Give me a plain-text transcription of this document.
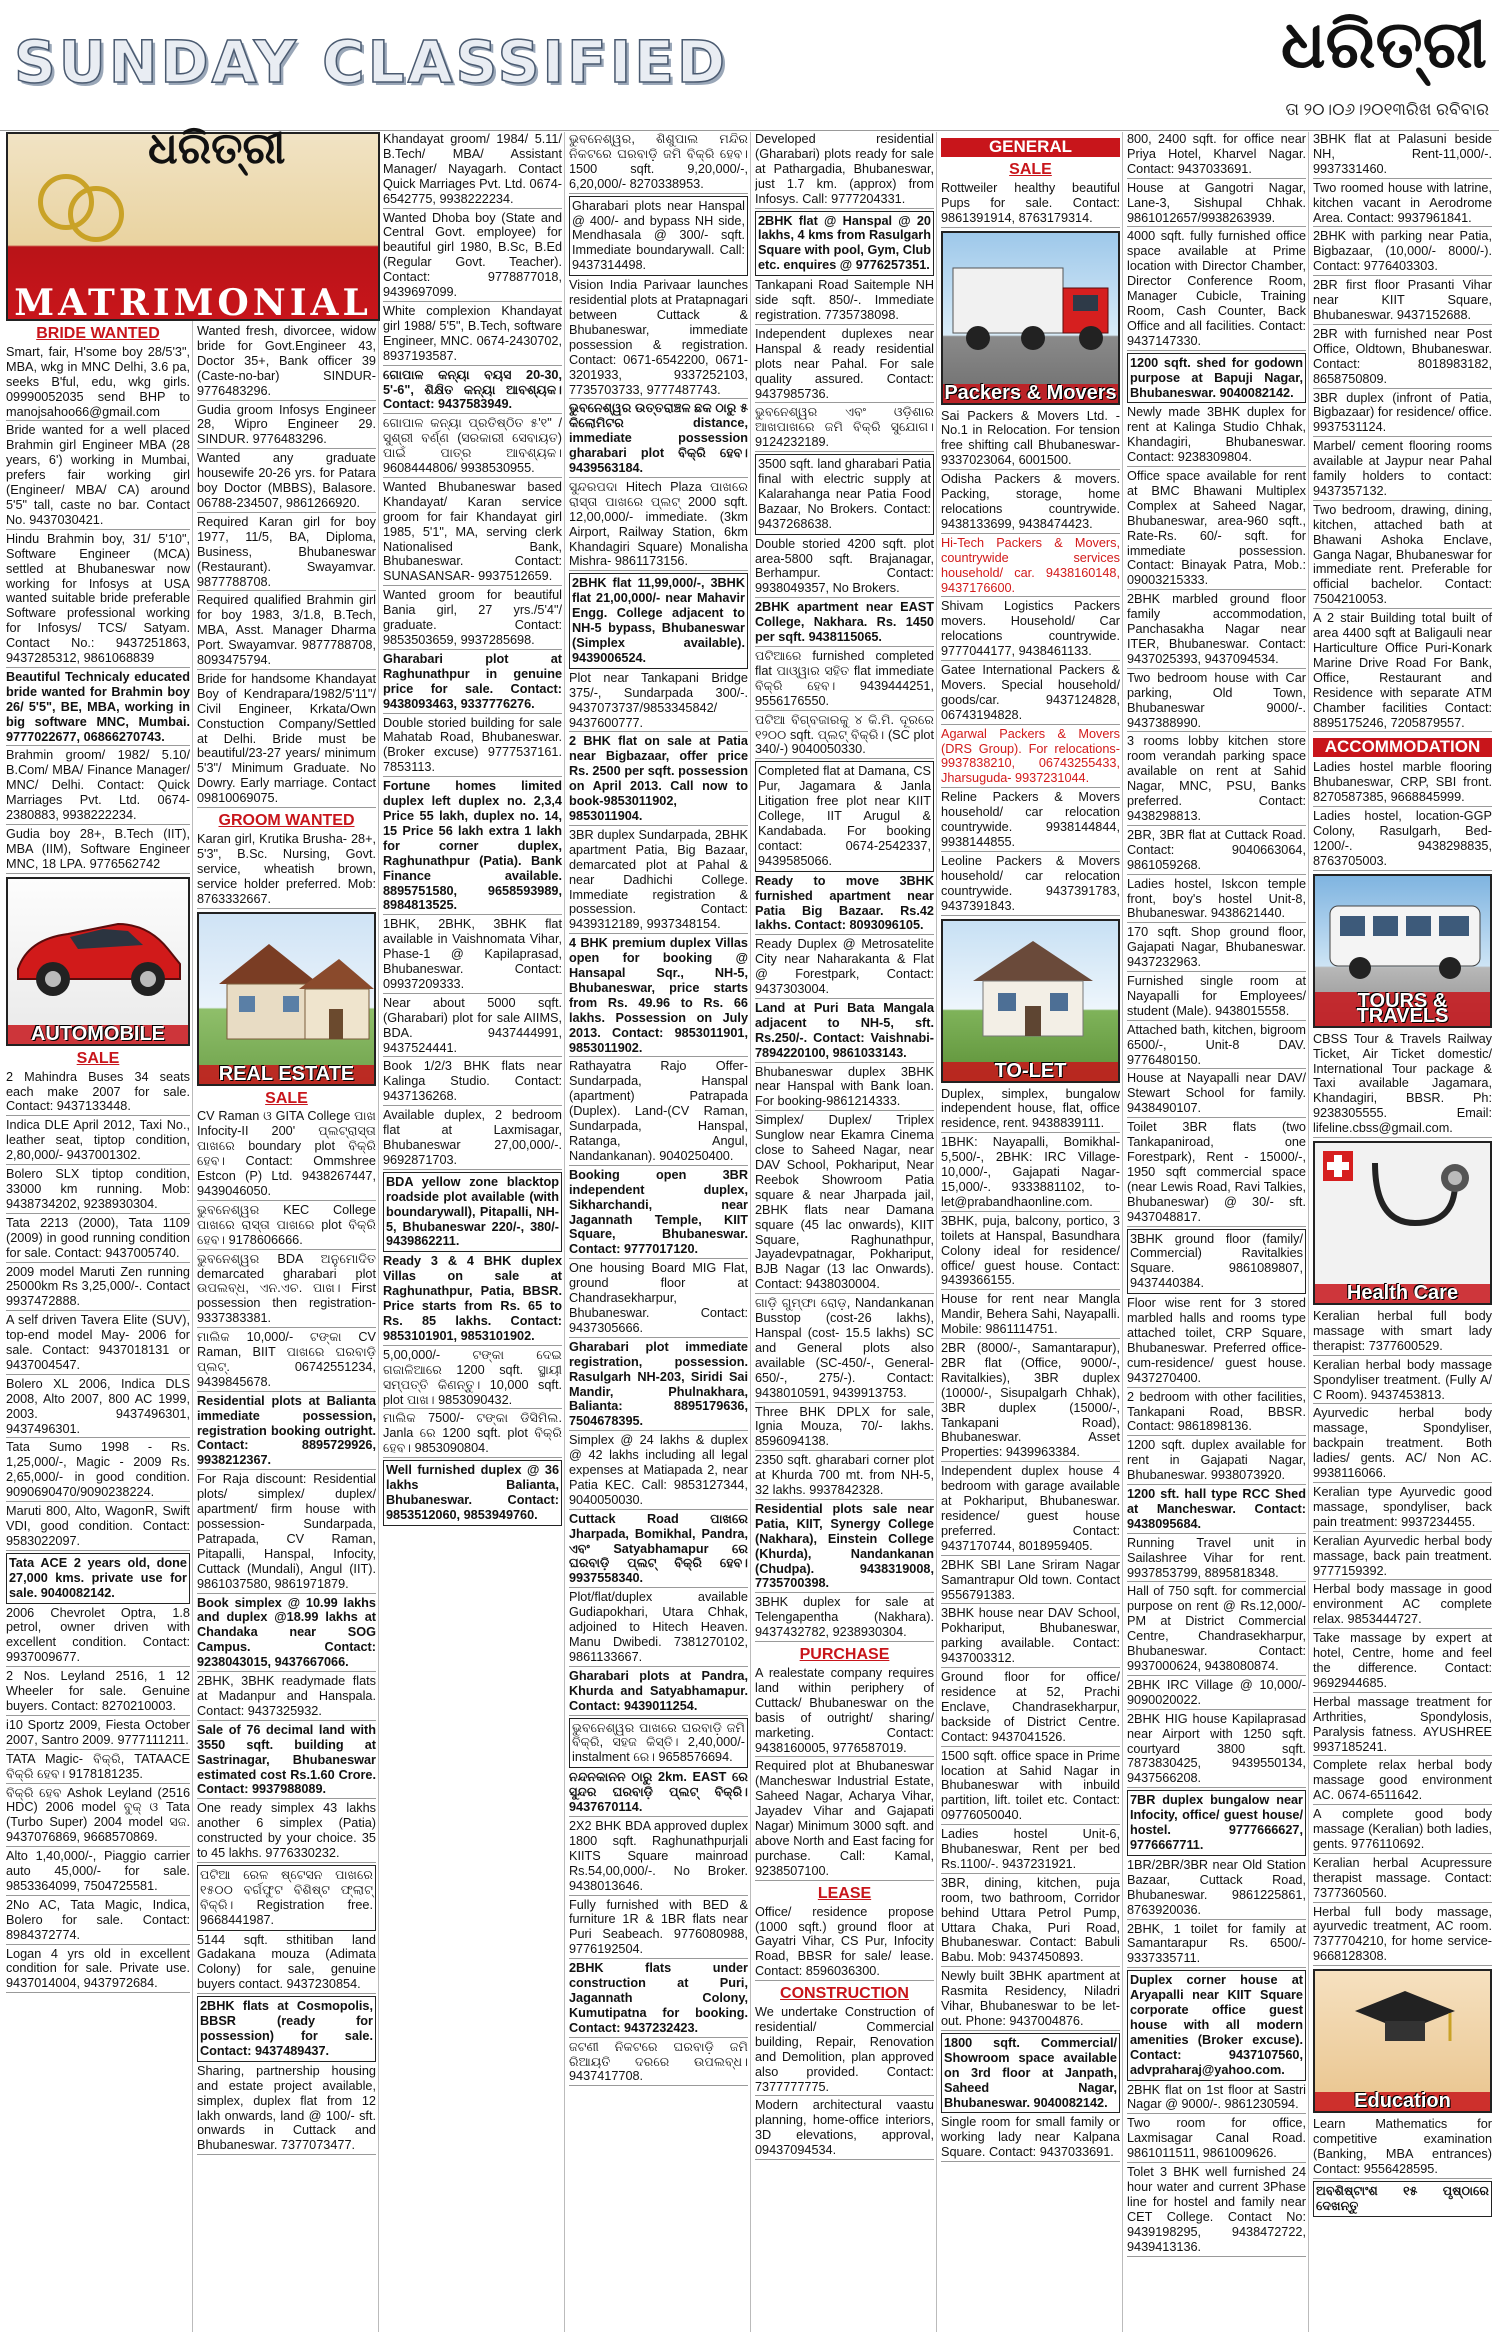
SUNDAY CLASSIFIED	ଧରିତ୍ରୀ
ତା ୨୦।୦୬।୨୦୧୩ରିଖ ରବିବାର
ଧରିତ୍ରୀ
MATRIMONIAL
BRIDE WANTED
Smart, fair, H'some boy 28/5'3", MBA, wkg in MNC Delhi, 3.6 pa, seeks B'ful, edu, wkg girls. 09990052035 send BHP to manojsahoo66@gmail.com
Bride wanted for a well placed Brahmin girl Engineer MBA (28 years, 6') working in Mumbai, prefers fair working girl (Engineer/ MBA/ CA) around 5'5" tall, caste no bar. Contact No. 9437030421.
Hindu Brahmin boy, 31/ 5'10", Software Engineer (MCA) settled at Bhubaneswar now working for Infosys at USA wanted suitable bride preferable Software professional working for Infosys/ TCS/ Satyam. Contact No.: 9437251863, 9437285312, 9861068839
Beautiful Technicaly educated bride wanted for Brahmin boy 26/ 5'5", BE, MBA, working in big software MNC, Mumbai. 9777022677, 06866270743.
Brahmin groom/ 1982/ 5.10/ B.Com/ MBA/ Finance Manager/ MNC/ Delhi. Contact: Quick Marriages Pvt. Ltd. 0674-2380883, 9938222234.
Gudia boy 28+, B.Tech (IIT), MBA (IIM), Software Engineer MNC, 18 LPA. 9776562742
AUTOMOBILE
SALE
2 Mahindra Buses 34 seats each make 2007 for sale. Contact: 9437133448.
Indica DLE April 2012, Taxi No., leather seat, tiptop condition, 2,80,000/- 9437001302.
Bolero SLX tiptop condition, 33000 km running. Mob: 9438734202, 9238930304.
Tata 2213 (2000), Tata 1109 (2009) in good running condition for sale. Contact: 9437005740.
2009 model Maruti Zen running 25000km Rs 3,25,000/-. Contact 9937472888.
A self driven Tavera Elite (SUV), top-end model May- 2006 for sale. Contact: 9437018131 or 9437004547.
Bolero XL 2006, Indica DLS 2008, Alto 2007, 800 AC 1999, 2003. 9437496301, 9437496301.
Tata Sumo 1998 - Rs. 1,25,000/-, Magic - 2009 Rs. 2,65,000/- in good condition. 9090690470/9090238224.
Maruti 800, Alto, WagonR, Swift VDI, good condition. Contact: 9583022097.
Tata ACE 2 years old, done 27,000 kms. private use for sale. 9040082142.
2006 Chevrolet Optra, 1.8 petrol, owner driven with excellent condition. Contact: 9937009677.
2 Nos. Leyland 2516, 1 12 Wheeler for sale. Genuine buyers. Contact: 8270210003.
i10 Sportz 2009, Fiesta October 2007, Santro 2009. 9777111211.
TATA Magic- ବିକ୍ରି, TATAACE ବିକ୍ରି ହେବ। 9178181235.
ବିକ୍ରି ହେବ Ashok Leyland (2516 HDC) 2006 model ବୁକ୍ ଓ Tata (Turbo Super) 2004 model ସଜ. 9437076869, 9668570869.
Alto 1,40,000/-, Piaggio carrier auto 45,000/- for sale. 9853364099, 7504725581.
2No AC, Tata Magic, Indica, Bolero for sale. Contact: 8984372774.
Logan 4 yrs old in excellent condition for sale. Private use. 9437014004, 9437972684.
Wanted fresh, divorcee, widow bride for Govt.Engineer 43, Doctor 35+, Bank officer 39 (Caste-no-bar) SINDUR- 9776483296.
Gudia groom Infosys Engineer 28, Wipro Engineer 29. SINDUR. 9776483296.
Wanted any graduate housewife 20-26 yrs. for Patara boy Doctor (MBBS), Balasore. 06788-234507, 9861266920.
Required Karan girl for boy 1977, 11/5, BA, Diploma, Business, Bhubaneswar (Restaurant). Swayamvar. 9877788708.
Required qualified Brahmin girl for boy 1983, 3/1.8, B.Tech, MBA, Asst. Manager Dharma Port. Swayamvar. 9877788708, 8093475794.
Bride for handsome Khandayat Boy of Kendrapara/1982/5'11"/ Civil Engineer, Krkata/Own Constuction Company/Settled at Delhi. Bride must be beautiful/23-27 years/ minimum 5'3"/ Minimum Graduate. No Dowry. Early marriage. Contact 09810069075.
GROOM WANTED
Karan girl, Krutika Brusha- 28+, 5'3", B.Sc. Nursing, Govt. service, wheatish brown, service holder preferred. Mob: 8763332667.
REAL ESTATE
SALE
CV Raman ଓ GITA College ପାଖ Infocity-II 200' ପ୍ଲଟ୍‌ରାସ୍ତା ପାଖରେ boundary plot ବିକ୍ରି ହେବ। Contact: Ommshree Estcon (P) Ltd. 9438267447, 9439046050.
ଭୁବନେଶ୍ୱର KEC College ପାଖରେ ରାସ୍ତା ପାଖରେ plot ବିକ୍ରି ହେବ। 9178606666.
ଭୁବନେଶ୍ୱର BDA ଅନୁମୋଦିତ demarcated gharabari plot ଉପଲବ୍ଧ, ଏନ.ଏଚ. ପାଖ। First possession then registration-9337383381.
ମାଲିକ 10,000/- ଟଙ୍କା CV Raman, BIIT ପାଖରେ ଘରବାଡ଼ି ପ୍ଲଟ୍. 06742551234, 9439845678.
Residential plots at Balianta immediate possession, registration booking outright. Contact: 8895729926, 9938212367.
For Raja discount: Residential plots/ simplex/ duplex/ apartment/ firm house with possession- Sundarpada, Patrapada, CV Raman, Pitapalli, Hanspal, Infocity, Cuttack (Mundali), Angul (IIT). 9861037580, 9861971879.
Book simplex @ 10.99 lakhs and duplex @18.99 lakhs at Chandaka near SOG Campus. Contact: 9238043015, 9437667066.
2BHK, 3BHK readymade flats at Madanpur and Hanspala. Contact: 9437325932.
Sale of 76 decimal land with 3550 sqft. building at Sastrinagar, Bhubaneswar estimated cost Rs.1.60 Crore. Contact: 9937988089.
One ready simplex 43 lakhs another 6 simplex (Patia) constructed by your choice. 35 to 45 lakhs. 9776330232.
ପଟିଆ ରେଳ ଷ୍ଟେସନ ପାଖରେ ୧୫୦୦ ବର୍ଗଫୁଟ ବିଶିଷ୍ଟ ଫ୍ଲାଟ୍ ବିକ୍ରି। Registration free. 9668441987.
5144 sqft. sthitiban land Gadakana mouza (Adimata Colony) for sale, genuine buyers contact. 9437230854.
2BHK flats at Cosmopolis, BBSR (ready for possession) for sale. Contact: 9437489437.
Sharing, partnership housing and estate project available, simplex, duplex flat from 12 lakh onwards, land @ 100/- sft. onwards in Cuttack and Bhubaneswar. 7377073477.
Khandayat groom/ 1984/ 5.11/ B.Tech/ MBA/ Assistant Manager/ Nayagarh. Contact Quick Marriages Pvt. Ltd. 0674-6542775, 9938222234.
Wanted Dhoba boy (State and Central Govt. employee) for beautiful girl 1980, B.Sc, B.Ed (Regular Govt. Teacher). Contact: 9778877018, 9439697099.
White complexion Khandayat girl 1988/ 5'5", B.Tech, software Engineer, MNC. 0674-2430702, 8937193587.
ଗୋପାଳ କନ୍ୟା ବୟସ 20-30, 5'-6", ଶିକ୍ଷିତ କନ୍ୟା ଆବଶ୍ୟକ। Contact: 9437583949.
ଗୋପାଳ କନ୍ୟା ପ୍ରତିଷ୍ଠିତ ୫'୧" / ସୁଶ୍ରୀ ବର୍ଣ୍ଣ (ସରକାରୀ ସେବାୟତ) ପାଇଁ ପାତ୍ର ଆବଶ୍ୟକ। 9608444806/ 9938530955.
Wanted Bhubaneswar based Khandayat/ Karan service groom for fair Khandayat girl 1985, 5'1", MA, serving clerk Nationalised Bank, Bhubaneswar. Contact: SUNASANSAR- 9937512659.
Wanted groom for beautiful Bania girl, 27 yrs./5'4"/ graduate. Contact: 9853503659, 9937285698.
Gharabari plot at Raghunathpur in genuine price for sale. Contact: 9438093463, 9337776276.
Double storied building for sale Mahatab Road, Bhubaneswar. (Broker excuse) 9777537161. 7853113.
Fortune homes limited duplex left duplex no. 2,3,4 Price 55 lakh, duplex no. 14, 15 Price 56 lakh extra 1 lakh for corner duplex, Raghunathpur (Patia). Bank Finance available. 8895751580, 9658593989, 8984813525.
1BHK, 2BHK, 3BHK flat available in Vaishnomata Vihar, Phase-1 @ Kapilaprasad, Bhubaneswar. Contact: 09937209333.
Near about 5000 sqft. (Gharabari) plot for sale AIIMS, BDA. 9437444991, 9437524441.
Book 1/2/3 BHK flats near Kalinga Studio. Contact: 9437136268.
Available duplex, 2 bedroom flat at Laxmisagar, Bhubaneswar 27,00,000/-. 9692871703.
BDA yellow zone blacktop roadside plot available (with boundarywall), Pitapalli, NH-5, Bhubaneswar 220/-, 380/- 9439862211.
Ready 3 & 4 BHK duplex Villas on sale at Raghunathpur, Patia, BBSR. Price starts from Rs. 65 to Rs. 85 lakhs. Contact: 9853101901, 9853101902.
5,00,000/- ଟଙ୍କା ଦେଇ ଗଜାଳିଆରେ 1200 sqft. ସ୍ଥାୟୀ ସମ୍ପତ୍ତି କିଣନ୍ତୁ। 10,000 sqft. plot ପାଖ। 9853090432.
ମାଲିକ 7500/- ଟଙ୍କା ଡିସିମିଲ. Janla ରେ 1200 sqft. plot ବିକ୍ରି ହେବ। 9853090804.
Well furnished duplex @ 36 lakhs Balianta, Bhubaneswar. Contact: 9853512060, 9853949760.
ଭୁବନେଶ୍ୱର, ଶିଶୁପାଲ ମନ୍ଦିର ନିକଟରେ ଘରବାଡ଼ି ଜମି ବିକ୍ରି ହେବ। 1500 sqft. 9,20,000/-, 6,20,000/- 8270338953.
Gharabari plots near Hanspal @ 400/- and bypass NH side, Mendhasala @ 300/- sqft. Immediate boundarywall. Call: 9437314498.
Vision India Parivaar launches residential plots at Pratapnagari between Cuttack & Bhubaneswar, immediate possession & registration. Contact: 0671-6542200, 0671-3201933, 9337252103, 7735703733, 9777487743.
ଭୁବନେଶ୍ୱର ଉତ୍ତରାଞ୍ଚଳ ଛକ ଠାରୁ ୫ କିଲୋମିଟର distance, immediate possession gharabari plot ବିକ୍ରି ହେବ। 9439563184.
ସୁନ୍ଦରପଦା Hitech Plaza ପାଖରେ ରାସ୍ତା ପାଖରେ ପ୍ଲଟ୍ 2000 sqft. 12,00,000/- immediate. (3km Airport, Railway Station, 6km Khandagiri Square) Monalisha Mishra- 9861173156.
2BHK flat 11,99,000/-, 3BHK flat 21,00,000/- near Mahavir Engg. College adjacent to NH-5 bypass, Bhubaneswar (Simplex available). 9439006524.
Plot near Tankapani Bridge 375/-, Sundarpada 300/-. 9437073737/9853345842/ 9437600777.
2 BHK flat on sale at Patia near Bigbazaar, offer price Rs. 2500 per sqft. possession on April 2013. Call now to book-9853011902, 9853011904.
3BR duplex Sundarpada, 2BHK apartment Patia, Big Bazaar, demarcated plot at Pahal & near Dadhichi College. Immediate registration & possession. Contact: 9439312189, 9937348154.
4 BHK premium duplex Villas open for booking @ Hansapal Sqr., NH-5, Bhubaneswar, price starts from Rs. 49.96 to Rs. 66 lakhs. Possession on July 2013. Contact: 9853011901, 9853011902.
Rathayatra Rajo Offer- Sundarpada, Hanspal (apartment) Patrapada (Duplex). Land-(CV Raman, Sundarpada, Hanspal, Ratanga, Angul, Nandankanan). 9040250400.
Booking open 3BR independent duplex, Sikharchandi, near Jagannath Temple, KIIT Square, Bhubaneswar. Contact: 9777017120.
One housing Board MIG Flat, ground floor at Chandrasekharpur, Bhubaneswar. Contact: 9437305666.
Gharabari plot immediate registration, possession. Rasulgarh NH-203, Siridi Sai Mandir, Phulnakhara, Balianta: 8895179636, 7504678395.
Simplex @ 24 lakhs & duplex @ 42 lakhs including all legal expenses at Matiapada 2, near Patia KEC. Call: 9853127344, 9040050030.
Cuttack Road ପାଖରେ Jharpada, Bomikhal, Pandra, ଏବଂ Satyabhamapur ରେ ଘରବାଡ଼ି ପ୍ଲଟ୍ ବିକ୍ରି ହେବ। 9937558340.
Plot/flat/duplex available Gudiapokhari, Utara Chhak, adjoined to Hitech Heaven. Manu Dwibedi. 7381270102, 9861133667.
Gharabari plots at Pandra, Khurda and Satyabhamapur. Contact: 9439011254.
ଭୁବନେଶ୍ୱର ପାଖରେ ଘରବାଡ଼ି ଜମି ବିକ୍ରି, ସହଜ କିସ୍ତି। 2,40,000/- instalment ରେ। 9658576694.
ନନ୍ଦନକାନନ ଠାରୁ 2km. EAST ରେ ସୁନ୍ଦର ଘରବାଡ଼ି ପ୍ଲଟ୍ ବିକ୍ରି। 9437670114.
2X2 BHK BDA approved duplex 1800 sqft. Raghunathpurjali KIITS Square mainroad Rs.54,00,000/-. No Broker. 9438013646.
Fully furnished with BED & furniture 1R & 1BR flats near Puri Seabeach. 9776080988, 9776192504.
2BHK flats under construction at Puri, Jagannath Colony, Kumutipatna for booking. Contact: 9437232423.
ଜଟଣୀ ନିକଟରେ ଘରବାଡ଼ି ଜମି ରିଆୟତି ଦରରେ ଉପଲବ୍ଧ। 9437417708.
Developed residential (Gharabari) plots ready for sale at Pathargadia, Bhubaneswar, just 1.7 km. (approx) from Infosys. Call: 9777204331.
2BHK flat @ Hanspal @ 20 lakhs, 4 kms from Rasulgarh Square with pool, Gym, Club etc. enquires @ 9776257351.
Tankapani Road Saitemple NH side sqft. 850/-. Immediate registration. 7735738098.
Independent duplexes near Hanspal & ready residential plots near Pahal. For sale quality assured. Contact: 9437985736.
ଭୁବନେଶ୍ୱର ଏବଂ ଓଡ଼ିଶାର ଆଖପାଖରେ ଜମି ବିକ୍ରି ସୁଯୋଗ। 9124232189.
3500 sqft. land gharabari Patia final with electric supply at Kalarahanga near Patia Food Bazaar, No Brokers. Contact: 9437268638.
Double storied 4200 sqft. plot area-5800 sqft. Brajanagar, Berhampur. Contact: 9938049357, No Brokers.
2BHK apartment near EAST College, Nakhara. Rs. 1450 per sqft. 9438115065.
ପଟିଆରେ furnished completed flat ପାଓ୍ୱାର ସହିତ flat immediate ବିକ୍ରି ହେବ। 9439444251, 9556176550.
ପଟିଆ ବିଗ୍‌ବଜାରକୁ ୪ କି.ମି. ଦୂରରେ ୧୨୦୦ sqft. ପ୍ଲଟ୍ ବିକ୍ରି। (SC plot 340/-) 9040050330.
Completed flat at Damana, CS Pur, Jagamara & Janla Litigation free plot near KIIT College, IIT Arugul & Kandabada. For booking contact: 0674-2542337, 9439585066.
Ready to move 3BHK furnished apartment near Patia Big Bazaar. Rs.42 lakhs. Contact: 8093096105.
Ready Duplex @ Metrosatelite City near Naharakanta & Flat @ Forestpark, Contact: 9437303004.
Land at Puri Bata Mangala adjacent to NH-5, sft. Rs.250/-. Contact: Vaishnabi- 7894220100, 9861033143.
Bhubaneswar duplex 3BHK near Hanspal with Bank loan. For booking-9861214333.
Simplex/ Duplex/ Triplex Sunglow near Ekamra Cinema close to Saheed Nagar, near DAV School, Pokhariput, Near Reebok Showroom Patia square & near Jharpada jail, 2BHK flats near Damana square (45 lac onwards), KIIT Square, Raghunathpur, Jayadevpatnagar, Pokhariput, BJB Nagar (13 lac Onwards). Contact: 9438030004.
ଗାଡ଼ି ଗୁମ୍ଫା ରୋଡ଼, Nandankanan Busstop (cost-26 lakhs), Hanspal (cost- 15.5 lakhs) SC and General plots also available (SC-450/-, General- 650/-, 275/-). Contact: 9438010591, 9439913753.
Three BHK DPLX for sale, Ignia Mouza, 70/- lakhs. 8596094138.
2350 sqft. gharabari corner plot at Khurda 700 mt. from NH-5, 32 lakhs. 9937842328.
Residential plots sale near Patia, KIIT, Synergy College (Nakhara), Einstein College (Khurda), Nandankanan (Chudpa). 9438319008, 7735700398.
3BHK duplex for sale at Telengapentha (Nakhara). 9437432782, 9238930304.
PURCHASE
A realestate company requires land within periphery of Cuttack/ Bhubaneswar on the basis of outright/ sharing/ marketing. Contact: 9438160005, 9776587019.
Required plot at Bhubaneswar (Mancheswar Industrial Estate, Saheed Nagar, Acharya Vihar, Jayadev Vihar and Gajapati Nagar) Minimum 3000 sqft. and above North and East facing for purchase. Call: Kamal, 9238507100.
LEASE
Office/ residence propose (1000 sqft.) ground floor at Gayatri Vihar, CS Pur, Infocity Road, BBSR for sale/ lease. Contact: 8596036300.
CONSTRUCTION
We undertake Construction of residential/ Commercial building, Repair, Renovation and Demolition, plan approved also provided. Contact: 7377777775.
Modern architectural vaastu planning, home-office interiors, 3D elevations, approval, 09437094534.
GENERAL
SALE
Rottweiler healthy beautiful Pups for sale. Contact: 9861391914, 8763179314.
Packers & Movers
Sai Packers & Movers Ltd. - No.1 in Relocation. For tension free shifting call Bhubaneswar- 9337023064, 6001500.
Odisha Packers & movers. Packing, storage, home relocations countrywide. 9438133699, 9438474423.
Hi-Tech Packers & Movers, countrywide services household/ car. 9438160148, 9437176600.
Shivam Logistics Packers movers. Household/ Car relocations countrywide. 9777044177, 9438461133.
Gatee International Packers & Movers. Special household/ goods/car. 9437124828, 06743194828.
Agarwal Packers & Movers (DRS Group). For relocations- 9937838210, 06743255433, Jharsuguda- 9937231044.
Reline Packers & Movers household/ car relocation countrywide. 9938144844, 9938144855.
Leoline Packers & Movers household/ car relocation countrywide. 9437391783, 9437391843.
TO-LET
Duplex, simplex, bungalow independent house, flat, office residence, rent. 9438839111.
1BHK: Nayapalli, Bomikhal- 5,500/-, 2BHK: IRC Village- 10,000/-, Gajapati Nagar- 15,000/-. 9333881102, to-let@prabandhaonline.com.
3BHK, puja, balcony, portico, 3 toilets at Hanspal, Basundhara Colony ideal for residence/ office/ guest house. Contact: 9439366155.
House for rent near Mangla Mandir, Behera Sahi, Nayapalli. Mobile: 9861114751.
2BR (8000/-, Samantarapur), 2BR flat (Office, 9000/-, Ravitalkies), 3BR duplex (10000/-, Sisupalgarh Chhak), 3BR duplex (15000/-, Tankapani Road), Bhubaneswar. Asset Properties: 9439963384.
Independent duplex house 4 bedroom with garage available at Pokhariput, Bhubaneswar. residence/ guest house preferred. Contact: 9437170744, 8018959405.
2BHK SBI Lane Sriram Nagar Samantrapur Old town. Contact 9556791383.
3BHK house near DAV School, Pokhariput, Bhubaneswar, parking available. Contact: 9437003312.
Ground floor for office/ residence at 52, Prachi Enclave, Chandrasekharpur, backside of District Centre. Contact: 9437041526.
1500 sqft. office space in Prime location at Sahid Nagar in Bhubaneswar with inbuild partition, lift. toilet etc. Contact: 09776050040.
Ladies hostel Unit-6, Bhubaneswar, Rent per bed Rs.1100/-. 9437231921.
3BR, dining, kitchen, puja room, two bathroom, Corridor behind Uttara Petrol Pump, Uttara Chaka, Puri Road, Bhubaneswar. Contact: Babuli Babu. Mob: 9437450893.
Newly built 3BHK apartment at Rasmita Residency, Niladri Vihar, Bhubaneswar to be let-out. Phone: 9437004876.
1800 sqft. Commercial/ Showroom space available on 3rd floor at Janpath, Saheed Nagar, Bhubaneswar. 9040082142.
Single room for small family or working lady near Kalpana Square. Contact: 9437033691.
800, 2400 sqft. for office near Priya Hotel, Kharvel Nagar. Contact: 9437033691.
House at Gangotri Nagar, Lane-3, Sishupal Chhak. 9861012657/9938263939.
4000 sqft. fully furnished office space available at Prime location with Director Chamber, Director Conference Room, Manager Cubicle, Training Room, Cash Counter, Back Office and all facilities. Contact: 9437147330.
1200 sqft. shed for godown purpose at Bapuji Nagar, Bhubaneswar. 9040082142.
Newly made 3BHK duplex for rent at Kalinga Studio Chhak, Khandagiri, Bhubaneswar. Contact: 9238309804.
Office space available for rent at BMC Bhawani Multiplex Complex at Saheed Nagar, Bhubaneswar, area-960 sqft., Rate-Rs. 60/- sqft. for immediate possession. Contact: Binayak Patra, Mob.: 09003215333.
2BHK marbled ground floor family accommodation, Panchasakha Nagar near ITER, Bhubaneswar. Contact: 9437025393, 9437094534.
Two bedroom house with Car parking, Old Town, Bhubaneswar 9000/-. 9437388990.
3 rooms lobby kitchen store room verandah parking space available on rent at Sahid Nagar, MNC, PSU, Banks preferred. Contact: 9438298813.
2BR, 3BR flat at Cuttack Road. Contact: 9040663064, 9861059268.
Ladies hostel, Iskcon temple front, boy's hostel Unit-8, Bhubaneswar. 9438621440.
170 sqft. Shop ground floor, Gajapati Nagar, Bhubaneswar. 9437232963.
Furnished single room at Nayapalli for Employees/ student (Male). 9438015558.
Attached bath, kitchen, bigroom 6500/-, Unit-8 DAV. 9776480150.
House at Nayapalli near DAV/ Stewart School for family. 9438490107.
Toilet 3BR flats (two Tankapaniroad, one Forestpark), Rent - 15000/-, 1950 sqft commercial space (near Lewis Road, Ravi Talkies, Bhubaneswar) @ 30/- sft. 9437048817.
3BHK ground floor (family/ Commercial) Ravitalkies Square. 9861089807, 9437440384.
Floor wise rent for 3 stored marbled halls and rooms type attached toilet, CRP Square, Bhubaneswar. Preferred office-cum-residence/ guest house. 9437270400.
2 bedroom with other facilities, Tankapani Road, BBSR. Contact: 9861898136.
1200 sqft. duplex available for rent in Gajapati Nagar, Bhubaneswar. 9938073920.
1200 sft. hall type RCC Shed at Mancheswar. Contact: 9438095684.
Running Travel unit in Sailashree Vihar for rent. 9937853799, 8895818348.
Hall of 750 sqft. for commercial purpose on rent @ Rs.12,000/- PM at District Commercial Centre, Chandrasekharpur, Bhubaneswar. Contact: 9937000624, 9438080874.
2BHK IRC Village @ 10,000/- 9090020022.
2BHK HIG house Kapilaprasad near Airport with 1250 sqft. courtyard 3800 sqft. 7873830425, 9439550134, 9437566208.
7BR duplex bungalow near Infocity, office/ guest house/ hostel. 9777666627, 9776667711.
1BR/2BR/3BR near Old Station Bazaar, Cuttack Road, Bhubaneswar. 9861225861, 8763920036.
2BHK, 1 toilet for family at Samantarapur Rs. 6500/- 9337335711.
Duplex corner house at Aryapalli near KIIT Square corporate office guest house with all modern amenities (Broker excuse). Contact: 9437107560, advpraharaj@yahoo.com.
2BHK flat on 1st floor at Sastri Nagar @ 9000/-. 9861230594.
Two room for office, Laxmisagar Canal Road. 9861011511, 9861009626.
Tolet 3 BHK well furnished 24 hour water and current 3Phase line for hostel and family near CET College. Contact No: 9439198295, 9438472722, 9439413136.
3BHK flat at Palasuni beside NH, Rent-11,000/-. 9937331460.
Two roomed house with latrine, kitchen vacant in Aerodrome Area. Contact: 9937961841.
2BHK with parking near Patia, Bigbazaar, (10,000/- 8000/-). Contact: 9776403303.
2BR first floor Prasanti Vihar near KIIT Square, Bhubaneswar. 9437152688.
2BR with furnished near Post Office, Oldtown, Bhubaneswar. Contact: 8018983182, 8658750809.
3BR duplex (infront of Patia, Bigbazaar) for residence/ office. 9937531124.
Marbel/ cement flooring rooms available at Jaypur near Pahal family holders to contact: 9437357132.
Two bedroom, drawing, dining, kitchen, attached bath at Bhawani Ashoka Enclave, Ganga Nagar, Bhubaneswar for immediate rent. Preferable for official bachelor. Contact: 7504210053.
A 2 stair Building total built of area 4400 sqft at Baligauli near Harticulture Office Puri-Konark Marine Drive Road For Bank, Office, Restaurant and Residence with separate ATM Chamber facilities Contact: 8895175246, 7205879557.
ACCOMMODATION
Ladies hostel marble flooring Bhubaneswar, CRP, SBI front. 8270587385, 9668845999.
Ladies hostel, location-GGP Colony, Rasulgarh, Bed- 1200/-. 9438298835, 8763705003.
TOURS & TRAVELS
CBSS Tour & Travels Railway Ticket, Air Ticket domestic/ International Tour package & Taxi available Jagamara, Khandagiri, BBSR. Ph: 9238305555. Email: lifeline.cbss@gmail.com.
Health Care
Keralian herbal full body massage with smart lady therapist: 7377600529.
Keralian herbal body massage Spondyliser treatment. (Fully A/ C Room). 9437453813.
Ayurvedic herbal body massage, Spondyliser, backpain treatment. Both ladies/ gents. AC/ Non AC. 9938116066.
Keralian type Ayurvedic good massage, spondyliser, back pain treatment: 9937234455.
Keralian Ayurvedic herbal body massage, back pain treatment. 9777159392.
Herbal body massage in good environment AC complete relax. 9853444727.
Take massage by expert at hotel, Centre, home and feel the difference. Contact: 9692944685.
Herbal massage treatment for Arthrities, Spondylosis, Paralysis fatness. AYUSHREE 9937185241.
Complete relax herbal body massage good environment AC. 0674-6511642.
A complete good body massage (Keralian) both ladies, gents. 9776110692.
Keralian herbal Acupressure therapist massage. Contact: 7377360560.
Herbal full body massage, ayurvedic treatment, AC room. 7377704210, for home service- 9668128308.
Education
Learn Mathematics for competitive examination (Banking, MBA entrances) Contact: 9556428595.
ଅବଶିଷ୍ଟାଂଶ ୧୫ ପୃଷ୍ଠାରେ ଦେଖନ୍ତୁ
